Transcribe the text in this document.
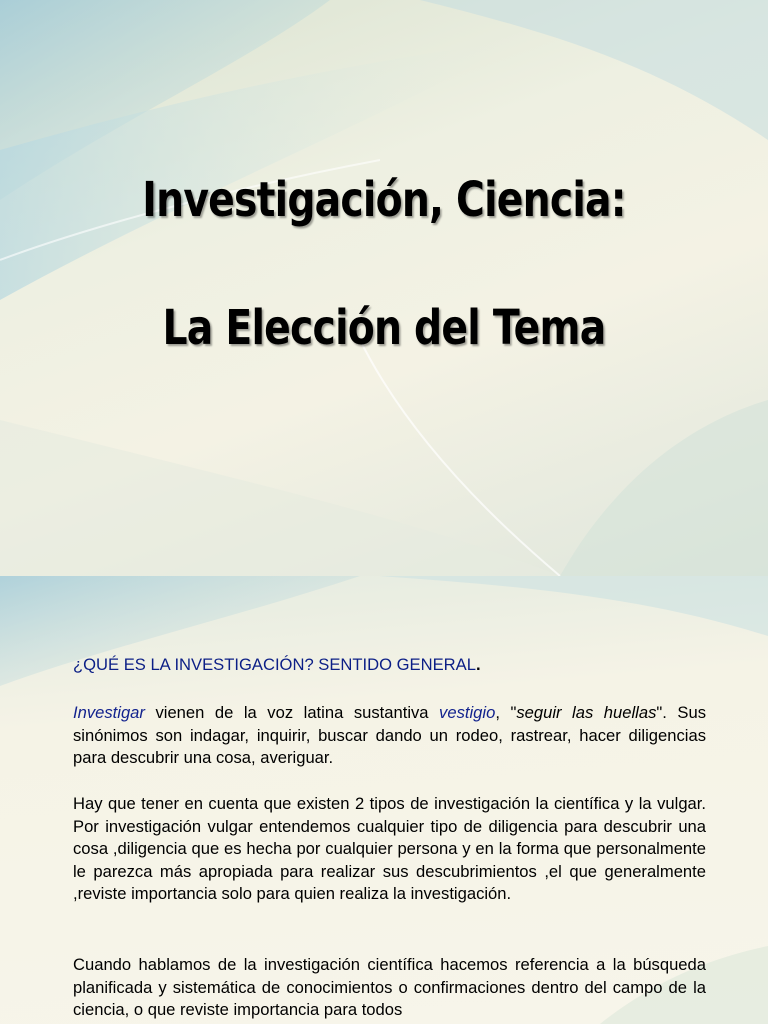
Investigación, Ciencia:
La Elección del Tema
¿QUÉ ES LA INVESTIGACIÓN? SENTIDO GENERAL.
Investigar vienen de la voz latina sustantiva vestigio, "seguir las huellas". Sus sinónimos son indagar, inquirir, buscar dando un rodeo, rastrear, hacer diligencias para descubrir una cosa, averiguar.
Hay que tener en cuenta que existen 2 tipos de investigación la científica y la vulgar. Por investigación vulgar entendemos cualquier tipo de diligencia para descubrir una cosa ,diligencia que es hecha por cualquier persona y en la forma que personalmente le parezca más apropiada para realizar sus descubrimientos ,el que generalmente ,reviste importancia solo para quien realiza la investigación.
Cuando hablamos de la investigación científica hacemos referencia a la búsqueda planificada y sistemática de conocimientos o confirmaciones dentro del campo de la ciencia, o que reviste importancia para todos
